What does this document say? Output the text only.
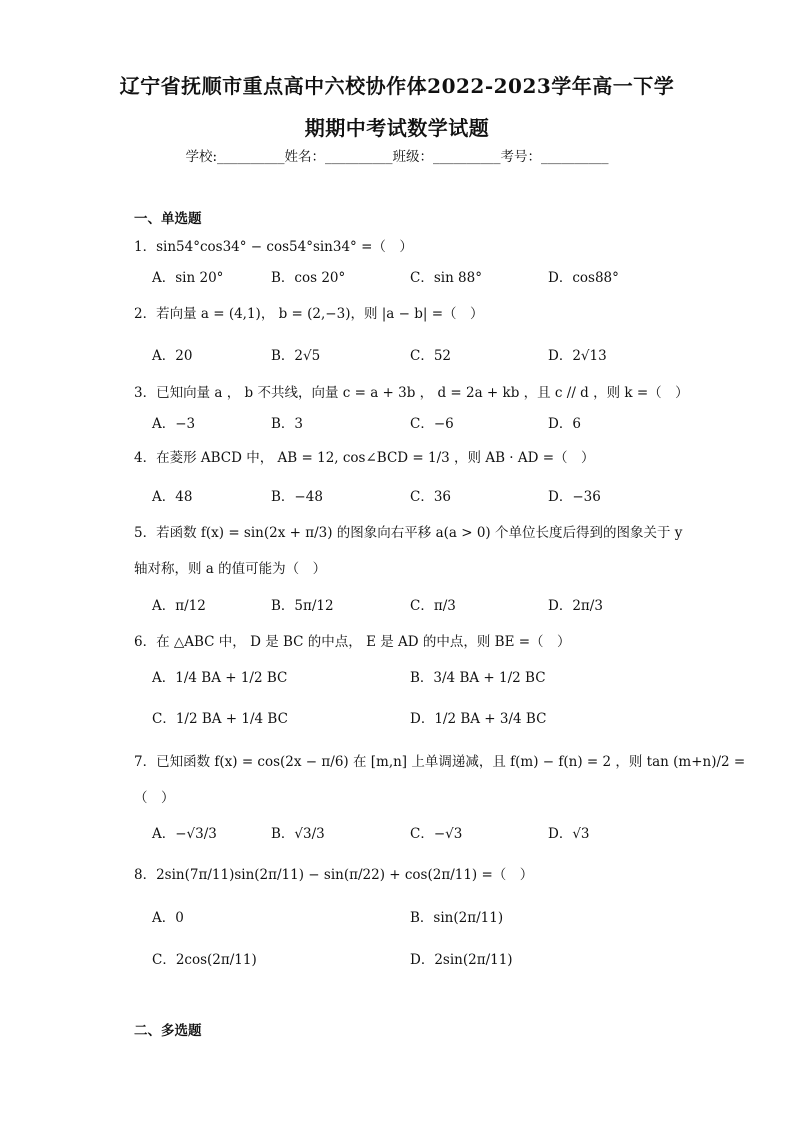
辽宁省抚顺市重点高中六校协作体2022-2023学年高一下学
期期中考试数学试题
学校:__________姓名：__________班级：__________考号：__________
一、单选题
1．sin54°cos34° − cos54°sin34° =（　）
A．sin 20°	B．cos 20°	C．sin 88°	D．cos88°
2．若向量 a = (4,1)， b = (2,−3)，则 |a − b| =（　）
A．20	B．2√5	C．52	D．2√13
3．已知向量 a ， b 不共线，向量 c = a + 3b ， d = 2a + kb ，且 c // d ，则 k =（　）
A．−3	B．3	C．−6	D．6
4．在菱形 ABCD 中， AB = 12, cos∠BCD = 1/3 ，则 AB · AD =（　）
A．48	B．−48	C．36	D．−36
5．若函数 f(x) = sin(2x + π/3) 的图象向右平移 a(a > 0) 个单位长度后得到的图象关于 y
轴对称，则 a 的值可能为（　）
A．π/12	B．5π/12	C．π/3	D．2π/3
6．在 △ABC 中， D 是 BC 的中点， E 是 AD 的中点，则 BE =（　）
A．1/4 BA + 1/2 BC	B．3/4 BA + 1/2 BC
C．1/2 BA + 1/4 BC	D．1/2 BA + 3/4 BC
7．已知函数 f(x) = cos(2x − π/6) 在 [m,n] 上单调递减，且 f(m) − f(n) = 2 ，则 tan (m+n)/2 =
（　）
A．−√3/3	B．√3/3	C．−√3	D．√3
8．2sin(7π/11)sin(2π/11) − sin(π/22) + cos(2π/11) =（　）
A．0	B．sin(2π/11)
C．2cos(2π/11)	D．2sin(2π/11)
二、多选题
